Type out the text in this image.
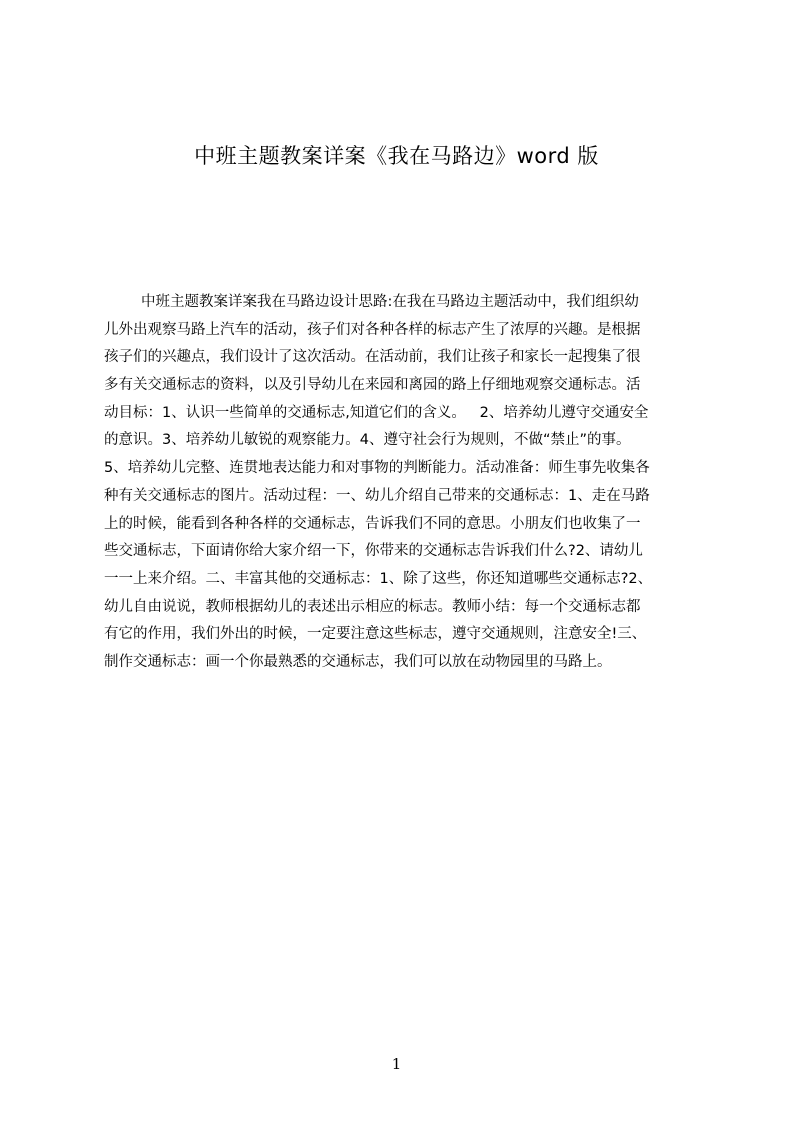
中班主题教案详案《我在马路边》word 版
中班主题教案详案我在马路边设计思路:在我在马路边主题活动中，我们组织幼
儿外出观察马路上汽车的活动，孩子们对各种各样的标志产生了浓厚的兴趣。是根据
孩子们的兴趣点，我们设计了这次活动。在活动前，我们让孩子和家长一起搜集了很
多有关交通标志的资料，以及引导幼儿在来园和离园的路上仔细地观察交通标志。活
动目标：1、认识一些简单的交通标志,知道它们的含义。   2、培养幼儿遵守交通安全
的意识。3、培养幼儿敏锐的观察能力。4、遵守社会行为规则，不做“禁止”的事。
5、培养幼儿完整、连贯地表达能力和对事物的判断能力。活动准备：师生事先收集各
种有关交通标志的图片。活动过程：一、幼儿介绍自己带来的交通标志：1、走在马路
上的时候，能看到各种各样的交通标志，告诉我们不同的意思。小朋友们也收集了一
些交通标志，下面请你给大家介绍一下，你带来的交通标志告诉我们什么?2、请幼儿
一一上来介绍。二、丰富其他的交通标志：1、除了这些，你还知道哪些交通标志?2、
幼儿自由说说，教师根据幼儿的表述出示相应的标志。教师小结：每一个交通标志都
有它的作用，我们外出的时候，一定要注意这些标志，遵守交通规则，注意安全!三、
制作交通标志：画一个你最熟悉的交通标志，我们可以放在动物园里的马路上。
1
